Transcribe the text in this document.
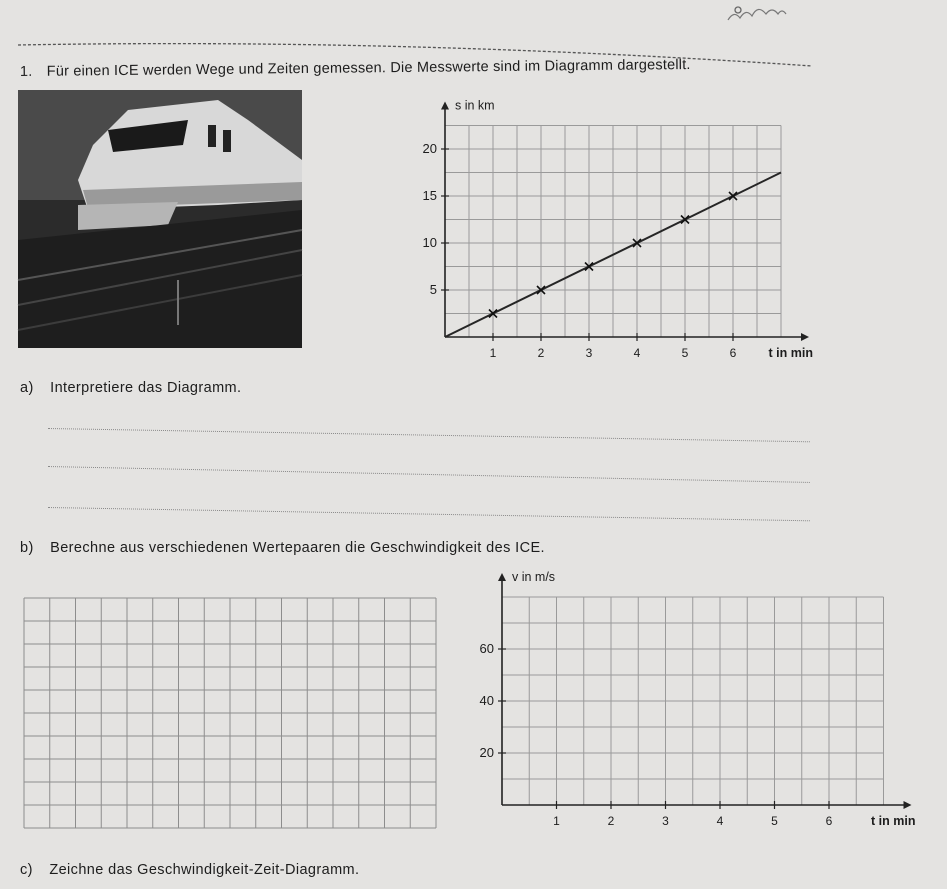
1. Für einen ICE werden Wege und Zeiten gemessen. Die Messwerte sind im Diagramm dargestellt.
1	2	3	4	5	6
5
10
15
20
t in min
s in km
a) Interpretiere das Diagramm.
b) Berechne aus verschiedenen Wertepaaren die Geschwindigkeit des ICE.
1	2	3	4	5	6
20
40
60
t in min
v in m/s
c) Zeichne das Geschwindigkeit-Zeit-Diagramm.
